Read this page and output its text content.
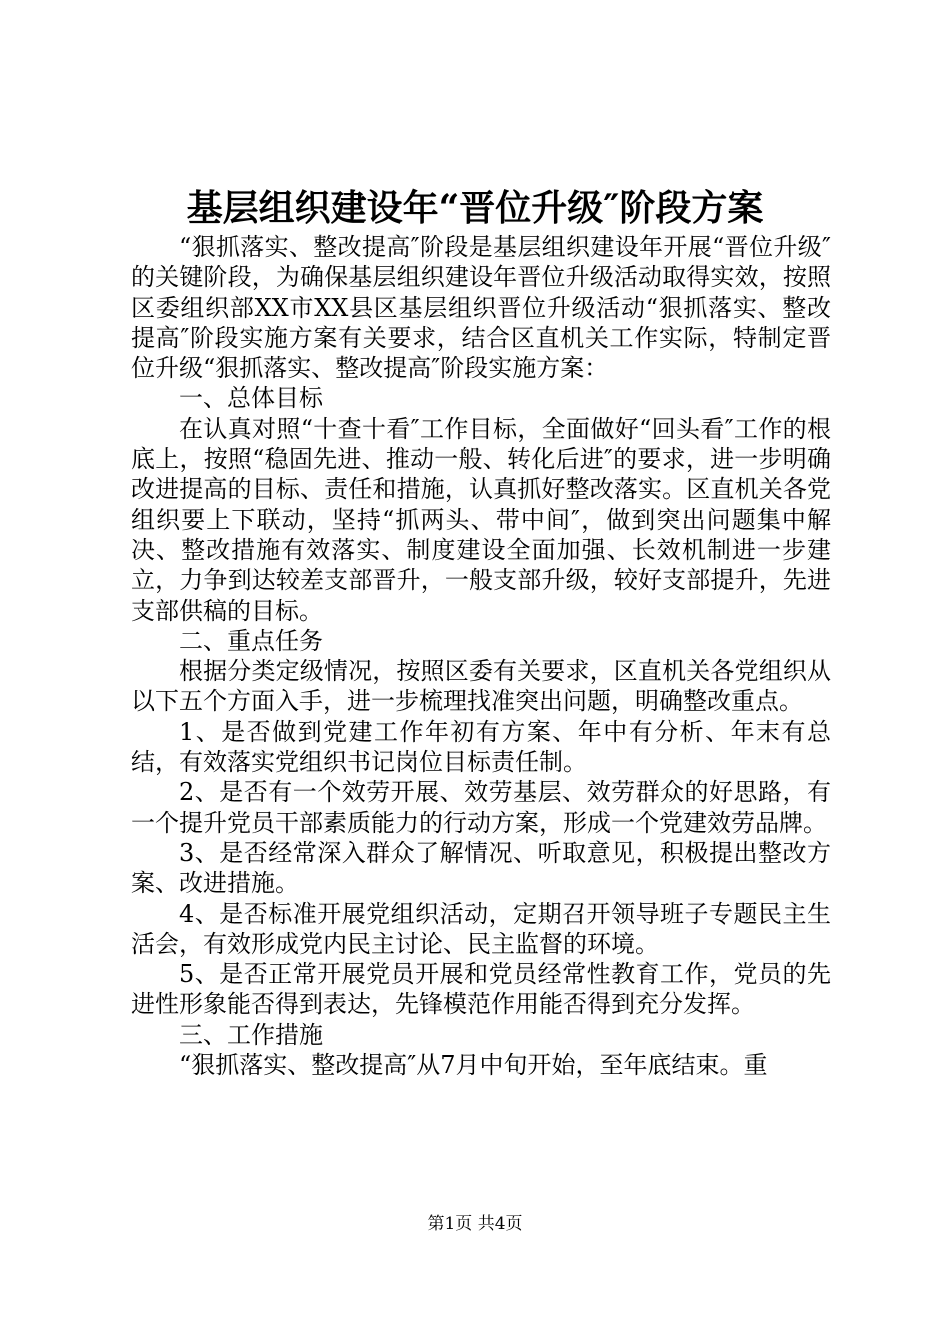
基层组织建设年“晋位升级″阶段方案

“狠抓落实、整改提高″阶段是基层组织建设年开展“晋位升级″的关键阶段，为确保基层组织建设年晋位升级活动取得实效，按照区委组织部XX市XX县区基层组织晋位升级活动“狠抓落实、整改提高″阶段实施方案有关要求，结合区直机关工作实际，特制定晋位升级“狠抓落实、整改提高″阶段实施方案：

一、总体目标

在认真对照“十查十看″工作目标，全面做好“回头看″工作的根底上，按照“稳固先进、推动一般、转化后进″的要求，进一步明确改进提高的目标、责任和措施，认真抓好整改落实。区直机关各党组织要上下联动，坚持“抓两头、带中间″，做到突出问题集中解决、整改措施有效落实、制度建设全面加强、长效机制进一步建立，力争到达较差支部晋升，一般支部升级，较好支部提升，先进支部供稿的目标。

二、重点任务

根据分类定级情况，按照区委有关要求，区直机关各党组织从以下五个方面入手，进一步梳理找准突出问题，明确整改重点。

1、是否做到党建工作年初有方案、年中有分析、年末有总结，有效落实党组织书记岗位目标责任制。

2、是否有一个效劳开展、效劳基层、效劳群众的好思路，有一个提升党员干部素质能力的行动方案，形成一个党建效劳品牌。

3、是否经常深入群众了解情况、听取意见，积极提出整改方案、改进措施。

4、是否标准开展党组织活动，定期召开领导班子专题民主生活会，有效形成党内民主讨论、民主监督的环境。

5、是否正常开展党员开展和党员经常性教育工作，党员的先进性形象能否得到表达，先锋模范作用能否得到充分发挥。

三、工作措施

“狠抓落实、整改提高″从7月中旬开始，至年底结束。重

第1页 共4页
